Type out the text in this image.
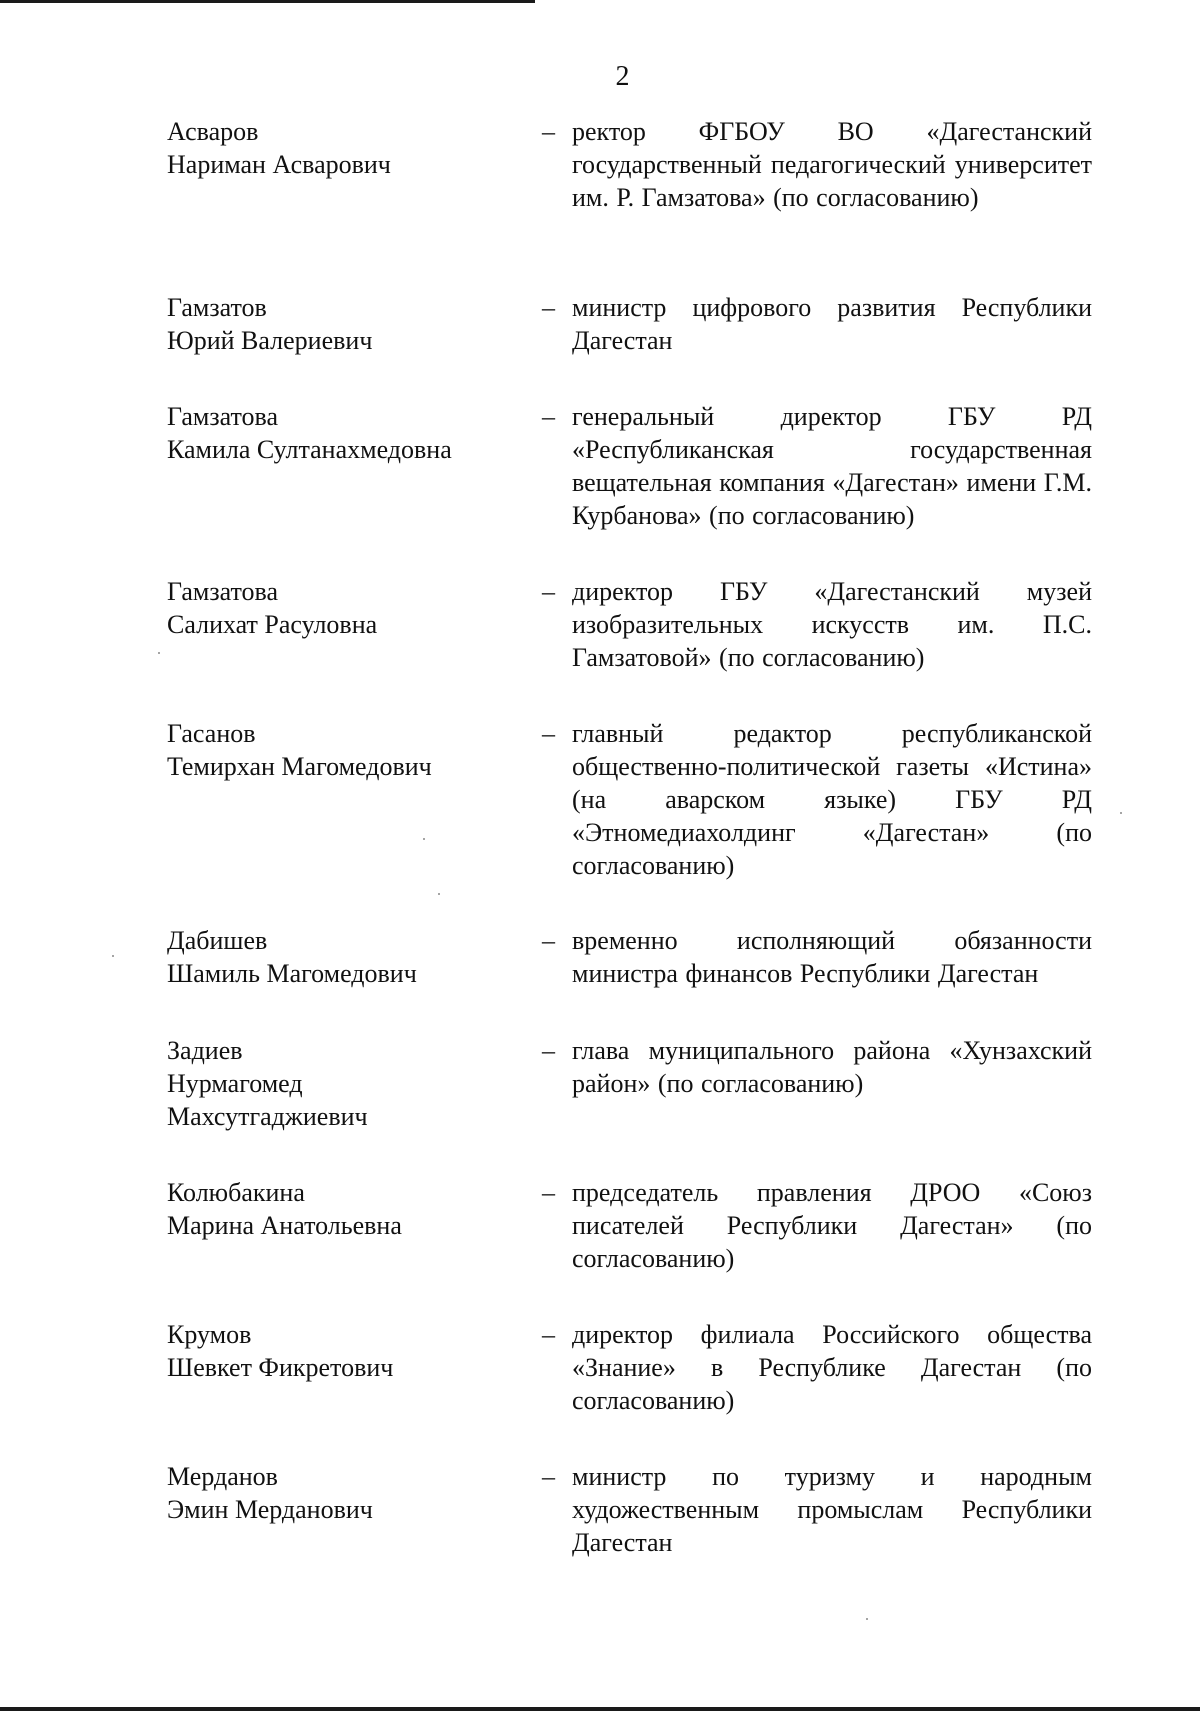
2
Асваров
Нариман Асварович
– ректор ФГБОУ ВО «Дагестанский государственный педагогический университет им. Р. Гамзатова» (по согласованию)
Гамзатов
Юрий Валериевич
– министр цифрового развития Республики Дагестан
Гамзатова
Камила Султанахмедовна
– генеральный директор ГБУ РД «Республиканская государственная вещательная компания «Дагестан» имени Г.М. Курбанова» (по согласованию)
Гамзатова
Салихат Расуловна
– директор ГБУ «Дагестанский музей изобразительных искусств им. П.С. Гамзатовой» (по согласованию)
Гасанов
Темирхан Магомедович
– главный редактор республиканской общественно-политической газеты «Истина» (на аварском языке) ГБУ РД «Этномедиахолдинг «Дагестан» (по согласованию)
Дабишев
Шамиль Магомедович
– временно исполняющий обязанности министра финансов Республики Дагестан
Задиев
Нурмагомед
Махсутгаджиевич
– глава муниципального района «Хунзахский район» (по согласованию)
Колюбакина
Марина Анатольевна
– председатель правления ДРОО «Союз писателей Республики Дагестан» (по согласованию)
Крумов
Шевкет Фикретович
– директор филиала Российского общества «Знание» в Республике Дагестан (по согласованию)
Мерданов
Эмин Мерданович
– министр по туризму и народным художественным промыслам Республики Дагестан
